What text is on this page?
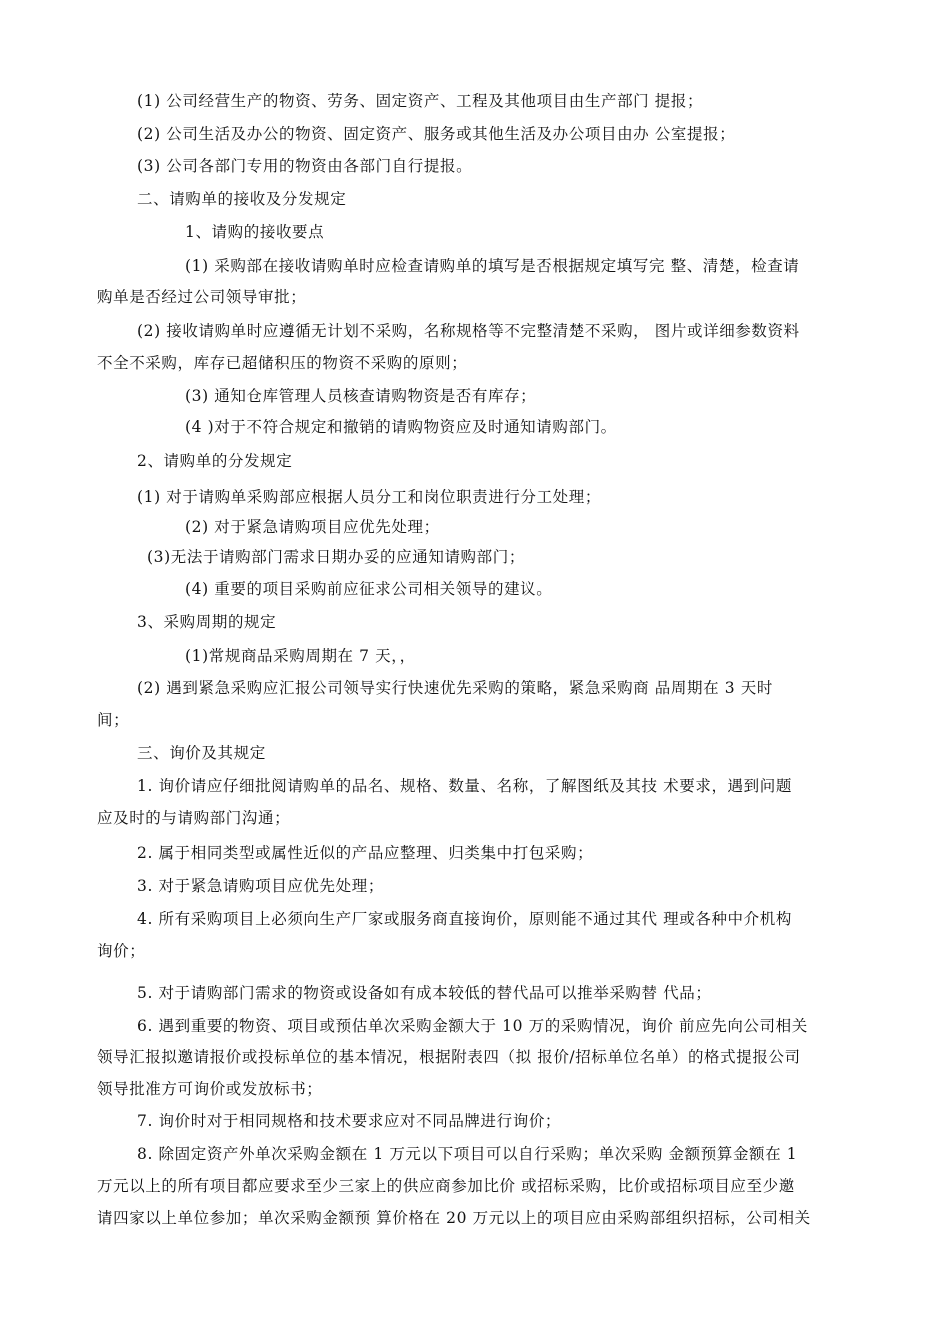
(1) 公司经营生产的物资、劳务、固定资产、工程及其他项目由生产部门 提报；
(2) 公司生活及办公的物资、固定资产、服务或其他生活及办公项目由办 公室提报；
(3) 公司各部门专用的物资由各部门自行提报。
二、请购单的接收及分发规定
1、请购的接收要点
(1) 采购部在接收请购单时应检查请购单的填写是否根据规定填写完 整、清楚，检查请
购单是否经过公司领导审批；
(2) 接收请购单时应遵循无计划不采购，名称规格等不完整清楚不采购， 图片或详细参数资料
不全不采购，库存已超储积压的物资不采购的原则；
(3) 通知仓库管理人员核查请购物资是否有库存；
(4 )对于不符合规定和撤销的请购物资应及时通知请购部门。
2、请购单的分发规定
(1) 对于请购单采购部应根据人员分工和岗位职责进行分工处理；
(2) 对于紧急请购项目应优先处理；
(3)无法于请购部门需求日期办妥的应通知请购部门；
(4) 重要的项目采购前应征求公司相关领导的建议。
3、采购周期的规定
(1)常规商品采购周期在 7 天，，
(2) 遇到紧急采购应汇报公司领导实行快速优先采购的策略，紧急采购商 品周期在 3 天时
间；
三、询价及其规定
1. 询价请应仔细批阅请购单的品名、规格、数量、名称，了解图纸及其技 术要求，遇到问题
应及时的与请购部门沟通；
2. 属于相同类型或属性近似的产品应整理、归类集中打包采购；
3. 对于紧急请购项目应优先处理；
4. 所有采购项目上必须向生产厂家或服务商直接询价，原则能不通过其代 理或各种中介机构
询价；
5. 对于请购部门需求的物资或设备如有成本较低的替代品可以推举采购替 代品；
6. 遇到重要的物资、项目或预估单次采购金额大于 10 万的采购情况，询价 前应先向公司相关
领导汇报拟邀请报价或投标单位的基本情况，根据附表四（拟 报价/招标单位名单）的格式提报公司
领导批准方可询价或发放标书；
7. 询价时对于相同规格和技术要求应对不同品牌进行询价；
8. 除固定资产外单次采购金额在 1 万元以下项目可以自行采购；单次采购 金额预算金额在 1
万元以上的所有项目都应要求至少三家上的供应商参加比价 或招标采购，比价或招标项目应至少邀
请四家以上单位参加；单次采购金额预 算价格在 20 万元以上的项目应由采购部组织招标，公司相关
